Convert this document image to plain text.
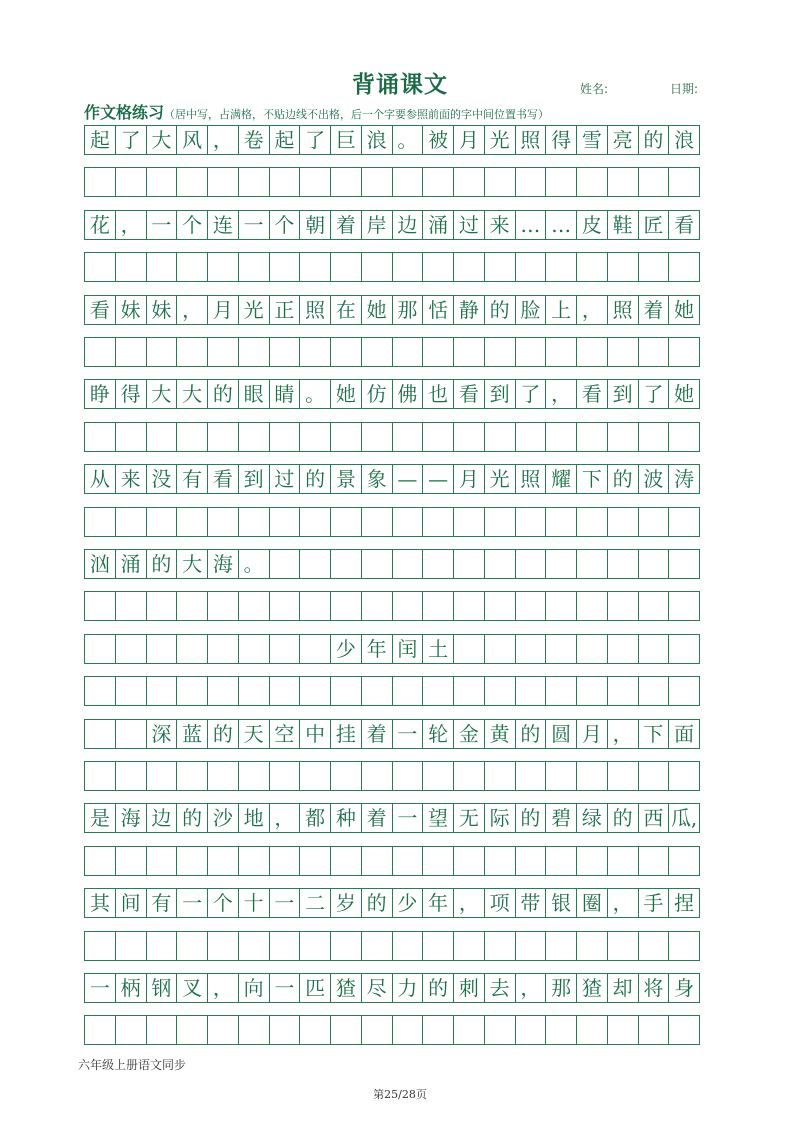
背诵课文	姓名:	日期:
作文格练习（居中写，占满格，不贴边线不出格，后一个字要参照前面的字中间位置书写）
起 了 大 风 ， 卷 起 了 巨 浪 。 被 月 光 照 得 雪 亮 的 浪
花 ， 一 个 连 一 个 朝 着 岸 边 涌 过 来 … … 皮 鞋 匠 看
看 妹 妹 ， 月 光 正 照 在 她 那 恬 静 的 脸 上 ， 照 着 她
睁 得 大 大 的 眼 睛 。 她 仿 佛 也 看 到 了 ， 看 到 了 她
从 来 没 有 看 到 过 的 景 象 — — 月 光 照 耀 下 的 波 涛
汹 涌 的 大 海 。
少 年 闰 土
深 蓝 的 天 空 中 挂 着 一 轮 金 黄 的 圆 月 ， 下 面
是 海 边 的 沙 地 ， 都 种 着 一 望 无 际 的 碧 绿 的 西 瓜,
其 间 有 一 个 十 一 二 岁 的 少 年 ， 项 带 银 圈 ， 手 捏
一 柄 钢 叉 ， 向 一 匹 猹 尽 力 的 刺 去 ， 那 猹 却 将 身
六年级上册语文同步
第25/28页
